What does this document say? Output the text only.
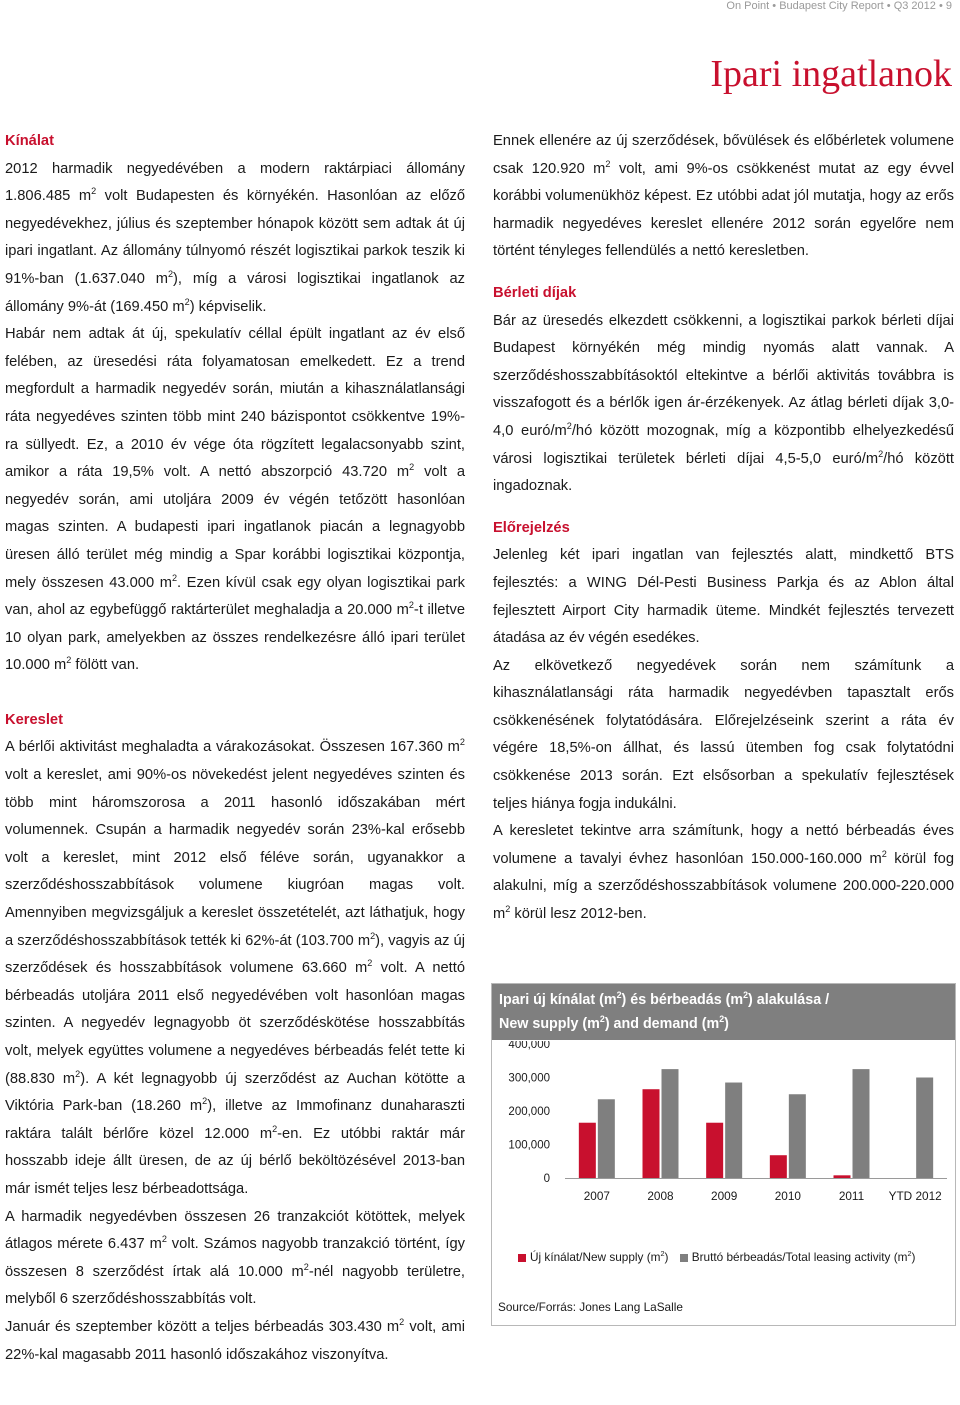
On Point • Budapest City Report • Q3 2012 • 9
Ipari ingatlanok
Kínálat

2012 harmadik negyedévében a modern raktárpiaci állomány 1.806.485 $m^2$ volt Budapesten és környékén. Hasonlóan az előző negyedévekhez, július és szeptember hónapok között sem adtak át új ipari ingatlant. Az állomány túlnyomó részét logisztikai parkok teszik ki 91%-ban (1.637.040 $m^2$), míg a városi logisztikai ingatlanok az állomány 9%-át (169.450 $m^2$) képviselik.

Habár nem adtak át új, spekulatív céllal épült ingatlant az év első felében, az üresedési ráta folyamatosan emelkedett. Ez a trend megfordult a harmadik negyedév során, miután a kihasználatlansági ráta negyedéves szinten több mint 240 bázispontot csökkentve 19%-ra süllyedt. Ez, a 2010 év vége óta rögzített legalacsonyabb szint, amikor a ráta 19,5% volt. A nettó abszorpció 43.720 $m^2$ volt a negyedév során, ami utoljára 2009 év végén tetőzött hasonlóan magas szinten. A budapesti ipari ingatlanok piacán a legnagyobb üresen álló terület még mindig a Spar korábbi logisztikai központja, mely összesen 43.000 $m^2$. Ezen kívül csak egy olyan logisztikai park van, ahol az egybefüggő raktárterület meghaladja a 20.000 $m^2-t$ illetve 10 olyan park, amelyekben az összes rendelkezésre álló ipari terület 10.000 $m^2$ fölött van.

Kereslet

A bérlői aktivitást meghaladta a várakozásokat. Összesen 167.360 $m^2$ volt a kereslet, ami 90%-os növekedést jelent negyedéves szinten és több mint háromszorosa a 2011 hasonló időszakában mért volumennek. Csupán a harmadik negyedév során 23%-kal erősebb volt a kereslet, mint 2012 első féléve során, ugyanakkor a szerződéshosszabbítások volumene kiugróan magas volt. Amennyiben megvizsgáljuk a kereslet összetételét, azt láthatjuk, hogy a szerződéshosszabbítások tették ki 62%-át (103.700 $m^2$), vagyis az új szerződések és hosszabbítások volumene 63.660 $m^2$ volt. A nettó bérbeadás utoljára 2011 első negyedévében volt hasonlóan magas szinten. A negyedév legnagyobb öt szerződéskötése hosszabbítás volt, melyek együttes volumene a negyedéves bérbeadás felét tette ki (88.830 $m^2$). A két legnagyobb új szerződést az Auchan kötötte a Viktória Park-ban (18.260 $m^2$), illetve az Immofinanz dunaharaszti raktára talált bérlőre közel 12.000 $m^2-en$. Ez utóbbi raktár már hosszabb ideje állt üresen, de az új bérlő beköltözésével 2013-ban már ismét teljes lesz bérbeadottsága.

A harmadik negyedévben összesen 26 tranzakciót kötöttek, melyek átlagos mérete 6.437 $m^2$ volt. Számos nagyobb tranzakció történt, így összesen 8 szerződést írtak alá 10.000 $m^2$-nél nagyobb területre, melyből 6 szerződéshosszabbítás volt.

Január és szeptember között a teljes bérbeadás 303.430 $m^2$ volt, ami 22%-kal magasabb 2011 hasonló időszakához viszonyítva.

Ennek ellenére az új szerződések, bővülések és előbérletek volumene csak 120.920 $m^2$ volt, ami 9%-os csökkenést mutat az egy évvel korábbi volumenükhöz képest. Ez utóbbi adat jól mutatja, hogy az erős harmadik negyedéves kereslet ellenére 2012 során egyelőre nem történt tényleges fellendülés a nettó keresletben.

Bérleti díjak

Bár az üresedés elkezdett csökkenni, a logisztikai parkok bérleti díjai Budapest környékén még mindig nyomás alatt vannak. A szerződéshosszabbításoktól eltekintve a bérlői aktivitás továbbra is visszafogott és a bérlők igen ár-érzékenyek. Az átlag bérleti díjak 3,0-4,0 euró/$m^2/hó$ között mozognak, míg a központibb elhelyezkedésű városi logisztikai területek bérleti díjai 4,5-5,0 euró/$m^2/hó$ között ingadoznak.

Előrejelzés

Jelenleg két ipari ingatlan van fejlesztés alatt, mindkettő BTS fejlesztés: a WING Dél-Pesti Business Parkja és az Ablon által fejlesztett Airport City harmadik üteme. Mindkét fejlesztés tervezett átadása az év végén esedékes.

Az elkövetkező negyedévek során nem számítunk a kihasználatlansági ráta harmadik negyedévben tapasztalt erős csökkenésének folytatódására. Előrejelzéseink szerint a ráta év végére 18,5%-on állhat, és lassú ütemben fog csak folytatódni csökkenése 2013 során. Ezt elsősorban a spekulatív fejlesztések teljes hiánya fogja indukálni.

A keresletet tekintve arra számítunk, hogy a nettó bérbeadás éves volumene a tavalyi évhez hasonlóan 150.000-160.000 $m^2$ körül fog alakulni, míg a szerződéshosszabbítások volumene 200.000-220.000 $m^2$ körül lesz 2012-ben.

Ipari új kínálat $(m^2)$ és bérbeadás $(m^2)$ alakulása /
New supply $(m^2)$ and demand $(m^2)$
400,000
300,000
200,000
100,000
0
2007	2008	2009	2010	2011 YTD 2012
Új kínálat/New supply $(m^2)$ Bruttó bérbeadás/Total leasing activity $(m^2)$
Source/Forrás: Jones Lang LaSalle
